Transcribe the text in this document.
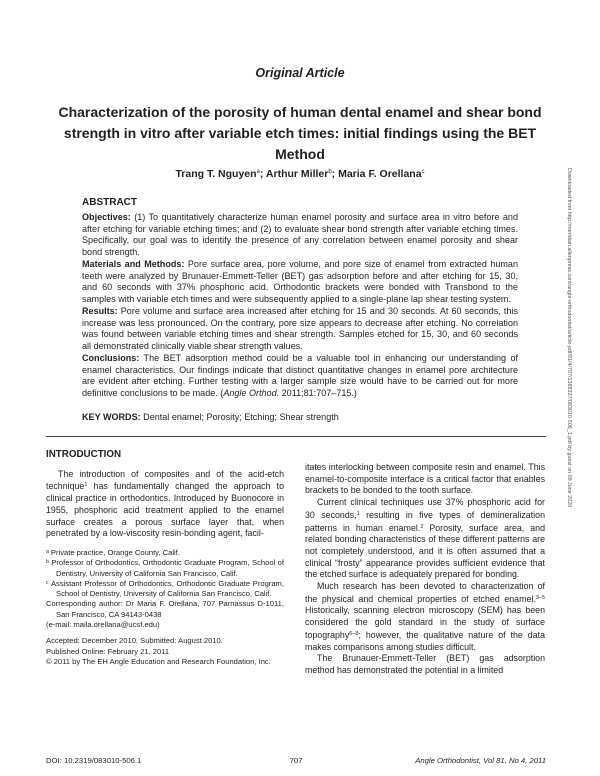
Original Article
Characterization of the porosity of human dental enamel and shear bond strength in vitro after variable etch times: initial findings using the BET Method
Trang T. Nguyen$^a$; Arthur Miller$^b$; Maria F. Orellana$^c$
ABSTRACT

Objectives: (1) To quantitatively characterize human enamel porosity and surface area in vitro before and after etching for variable etching times; and (2) to evaluate shear bond strength after variable etching times. Specifically, our goal was to identify the presence of any correlation between enamel porosity and shear bond strength.

Materials and Methods: Pore surface area, pore volume, and pore size of enamel from extracted human teeth were analyzed by Brunauer-Emmett-Teller (BET) gas adsorption before and after etching for 15, 30, and 60 seconds with 37% phosphoric acid. Orthodontic brackets were bonded with Transbond to the samples with variable etch times and were subsequently applied to a single-plane lap shear testing system.

Results: Pore volume and surface area increased after etching for 15 and 30 seconds. At 60 seconds, this increase was less pronounced. On the contrary, pore size appears to decrease after etching. No correlation was found between variable etching times and shear strength. Samples etched for 15, 30, and 60 seconds all demonstrated clinically viable shear strength values.

Conclusions: The BET adsorption method could be a valuable tool in enhancing our understanding of enamel characteristics. Our findings indicate that distinct quantitative changes in enamel pore architecture are evident after etching. Further testing with a larger sample size would have to be carried out for more definitive conclusions to be made. (Angle Orthod. 2011;81:707–715.)

KEY WORDS: Dental enamel; Porosity; Etching; Shear strength
INTRODUCTION

The introduction of composites and of the acid-etch technique$^1$ has fundamentally changed the approach to clinical practice in orthodontics. Introduced by Buonocore in 1955, phosphoric acid treatment applied to the enamel surface creates a porous surface layer that, when penetrated by a low-viscosity resin-bonding agent, facil-

ᵃ Private practice, Orange County, Calif.

ᵇ Professor of Orthodontics, Orthodontic Graduate Program, School of Dentistry, University of California San Francisco, Calif.

ᶜ Assistant Professor of Orthodontics, Orthodontic Graduate Program, School of Dentistry, University of California San Francisco, Calif.

Corresponding author: Dr Maria F. Orellana, 707 Parnassus D-1011, San Francisco, CA 94143-0438

(e-mail: maila.orellana@ucsf.edu)

Accepted: December 2010. Submitted: August 2010.

Published Online: February 21, 2011

© 2011 by The EH Angle Education and Research Foundation, Inc.

itates interlocking between composite resin and enamel. This enamel-to-composite interface is a critical factor that enables brackets to be bonded to the tooth surface.

Current clinical techniques use 37% phosphoric acid for 30 seconds,$^1$ resulting in five types of demineralization patterns in human enamel.$^2$ Porosity, surface area, and related bonding characteristics of these different patterns are not completely understood, and it is often assumed that a clinical “frosty” appearance provides sufficient evidence that the etched surface is adequately prepared for bonding.

Much research has been devoted to characterization of the physical and chemical properties of etched enamel.$^{3-5}$ Historically, scanning electron microscopy (SEM) has been considered the gold standard in the study of surface topography$^{6-8}$; however, the qualitative nature of the data makes comparisons among studies difficult.

The Brunauer-Emmett-Teller (BET) gas adsorption method has demonstrated the potential in a limited

DOI: 10.2319/083010-506.1	707	Angle Orthodontist, Vol 81, No 4, 2011
Downloaded from http://meridian.allenpress.com/angle-orthodontist/article-pdf/81/4/707/1388337/083010-506_1.pdf by guest on 08 June 2020
